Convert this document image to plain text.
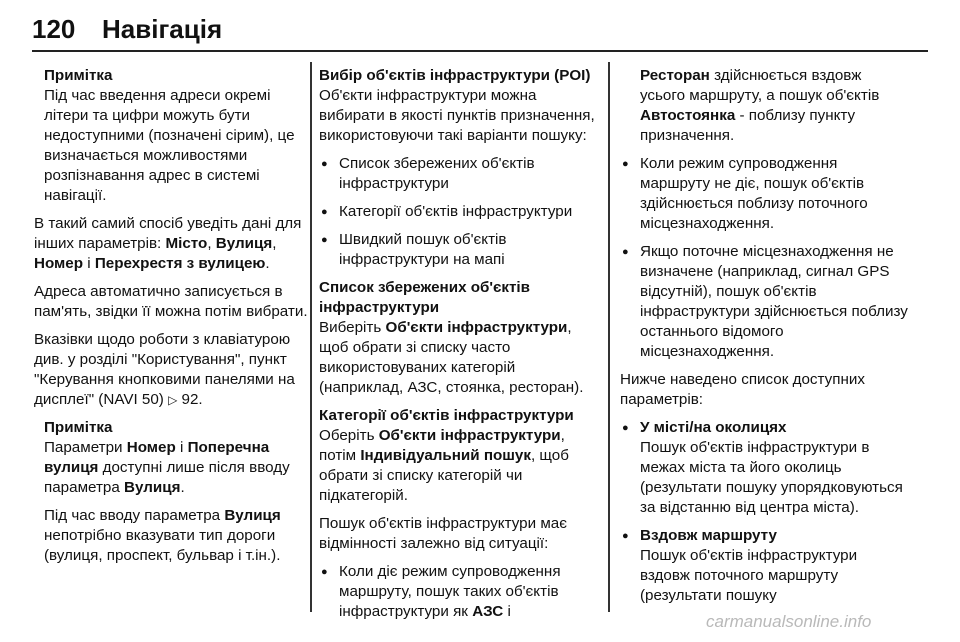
120 Навігація
Примітка

Під час введення адреси окремі літери та цифри можуть бути недоступними (позначені сірим), це визначається можливостями розпізнавання адрес в системі навігації.

В такий самий спосіб уведіть дані для інших параметрів: Місто, Вулиця, Номер і Перехрестя з вулицею.

Адреса автоматично записується в пам'ять, звідки її можна потім вибрати.

Вказівки щодо роботи з клавіатурою див. у розділі "Користування", пункт "Керування кнопковими панелями на дисплеї" (NAVI 50) ▷ 92.

Примітка

Параметри Номер і Поперечна вулиця доступні лише після вводу параметра Вулиця.

Під час вводу параметра Вулиця непотрібно вказувати тип дороги (вулиця, проспект, бульвар і т.ін.).

Вибір об'єктів інфраструктури (POI)

Об'єкти інфраструктури можна вибирати в якості пунктів призначення, використовуючи такі варіанти пошуку:

● Список збережених об'єктів інфраструктури
● Категорії об'єктів інфраструктури
● Швидкий пошук об'єктів інфраструктури на мапі
Список збережених об'єктів інфраструктури

Виберіть Об'єкти інфраструктури, щоб обрати зі списку часто використовуваних категорій (наприклад, АЗС, стоянка, ресторан).

Категорії об'єктів інфраструктури

Оберіть Об'єкти інфраструктури, потім Індивідуальний пошук, щоб обрати зі списку категорій чи підкатегорій.

Пошук об'єктів інфраструктури має відмінності залежно від ситуації:

● Коли діє режим супроводження маршруту, пошук таких об'єктів інфраструктури як АЗС і

Ресторан здійснюється вздовж усього маршруту, а пошук об'єктів Автостоянка - поблизу пункту призначення.

● Коли режим супроводження маршруту не діє, пошук об'єктів здійснюється поблизу поточного місцезнаходження.
● Якщо поточне місцезнаходження не визначене (наприклад, сигнал GPS відсутній), пошук об'єктів інфраструктури здійснюється поблизу останнього відомого місцезнаходження.

Нижче наведено список доступних параметрів:

● У місті/на околицях
Пошук об'єктів інфраструктури в межах міста та його околиць (результати пошуку упорядковуються за відстанню від центра міста).
● Вздовж маршруту
Пошук об'єктів інфраструктури вздовж поточного маршруту (результати пошуку
carmanualsonline.info
